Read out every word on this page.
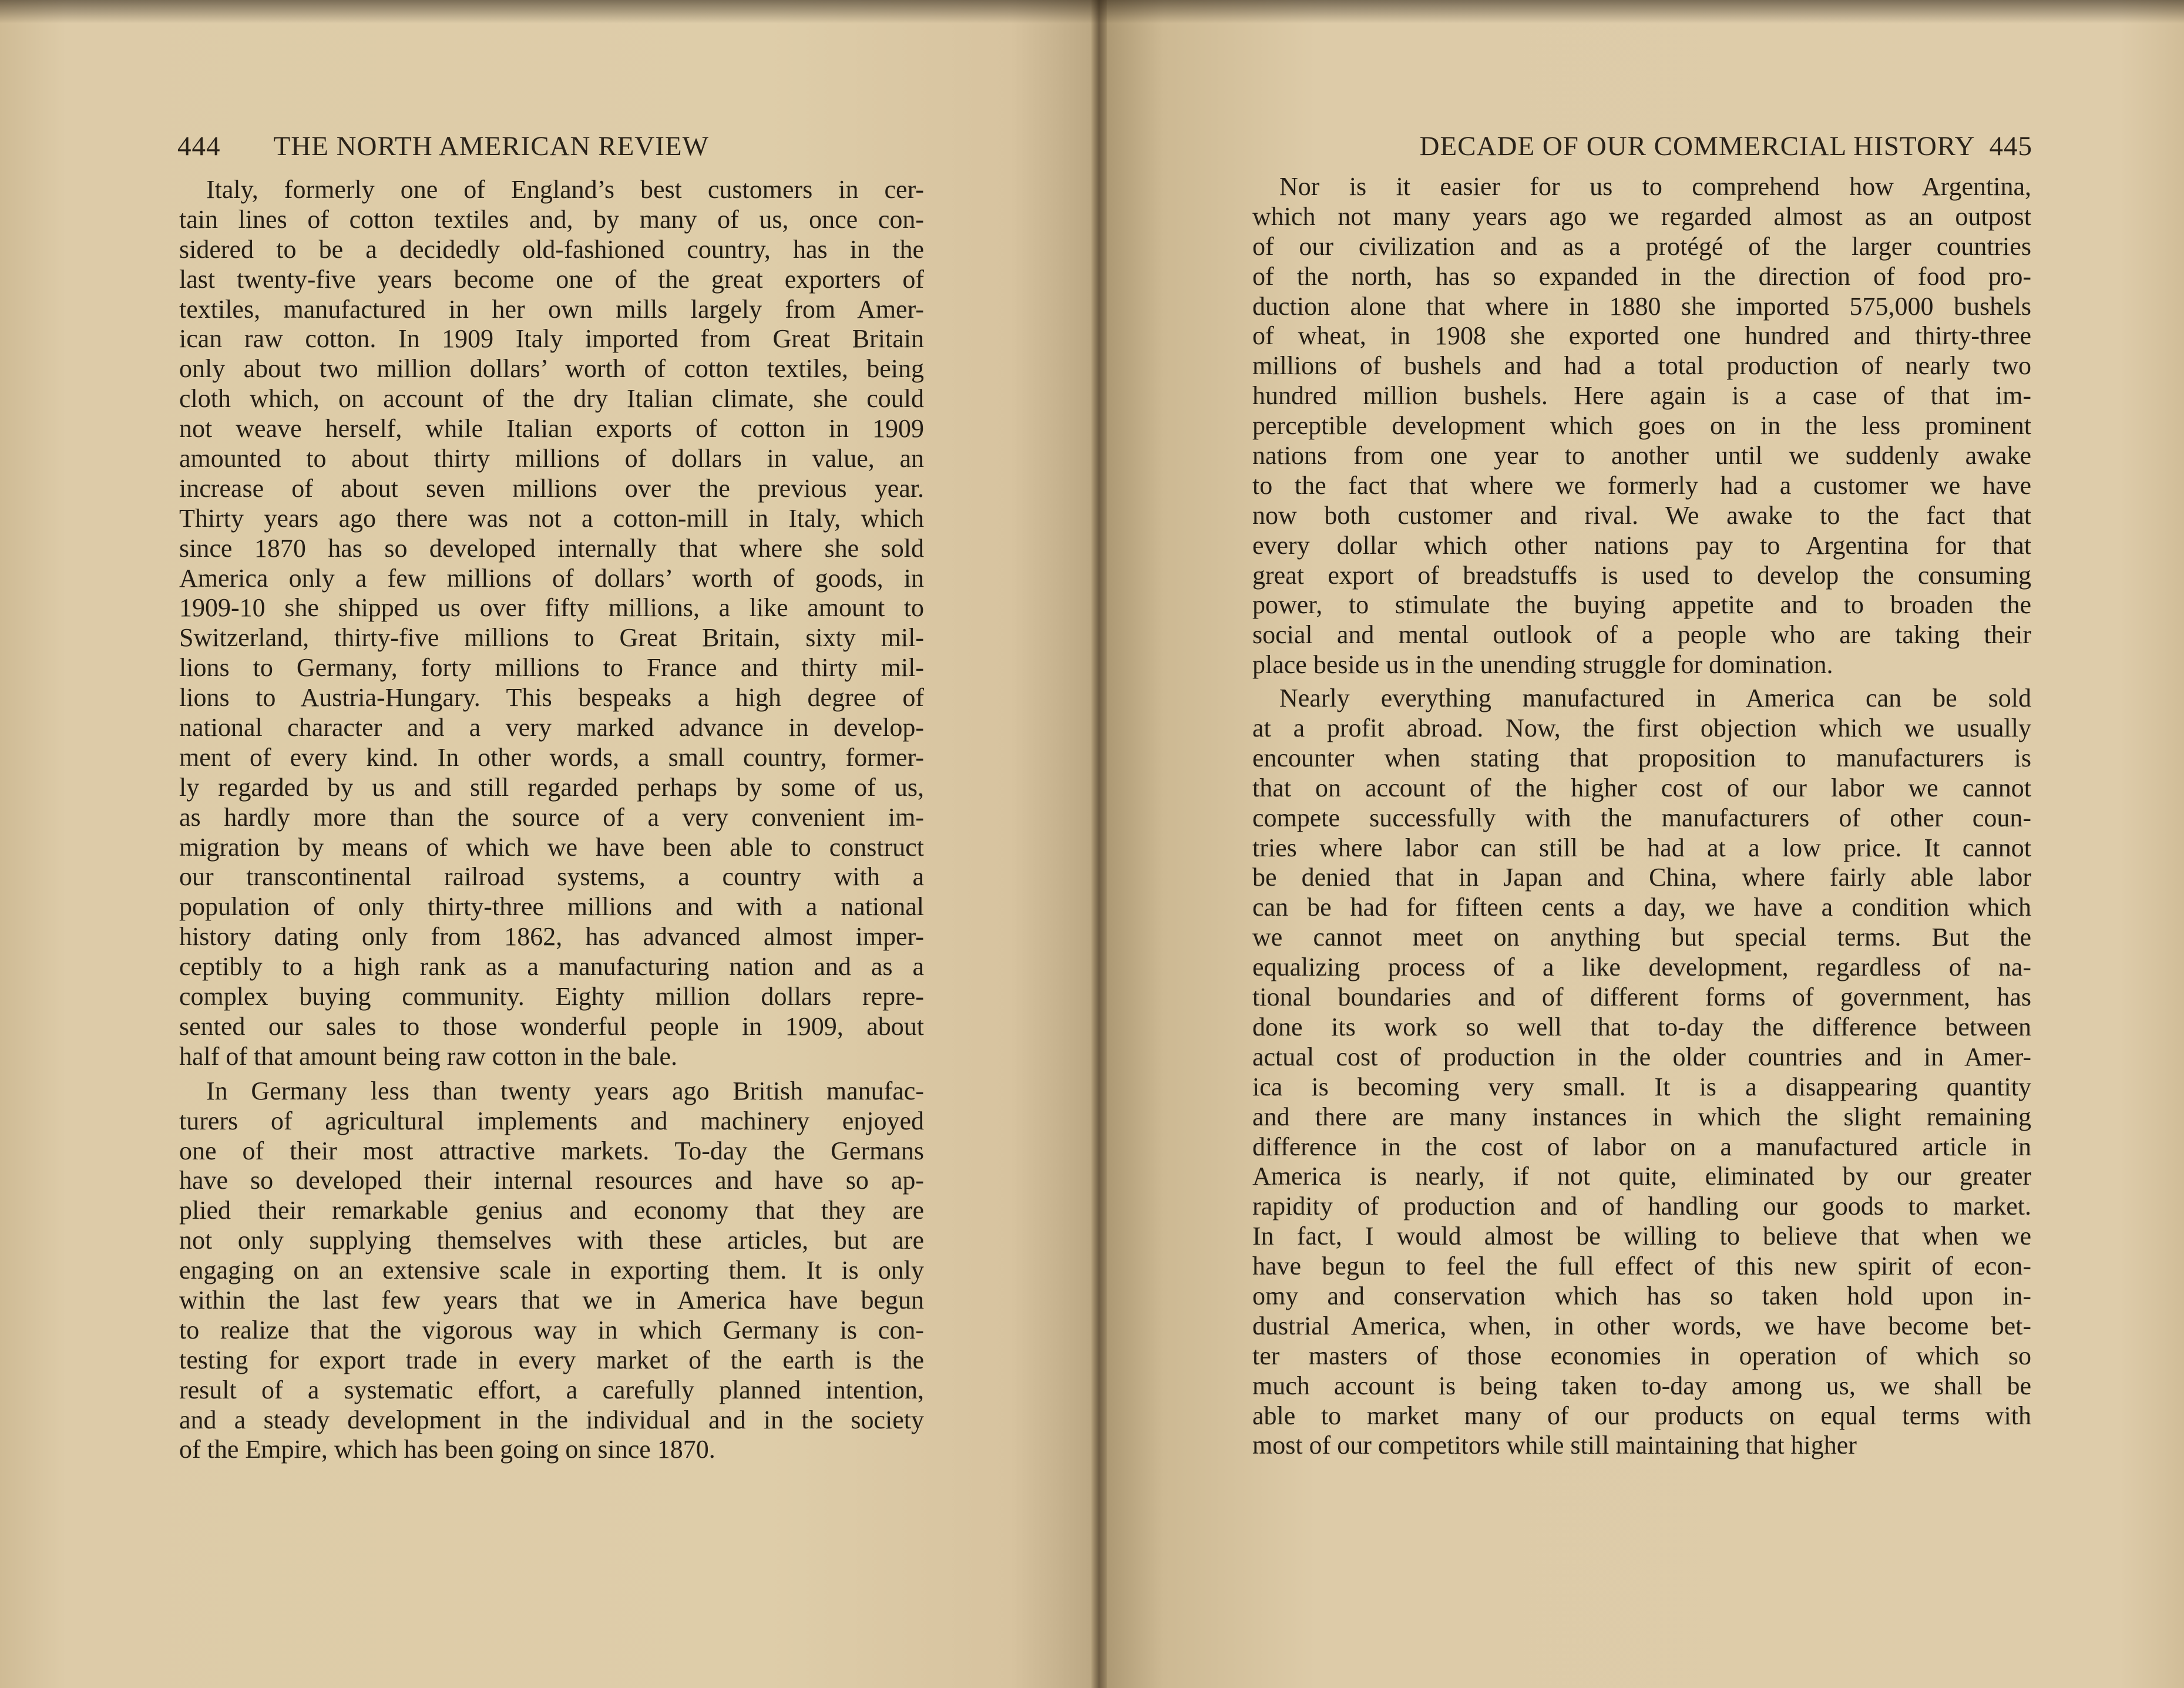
444 THE NORTH AMERICAN REVIEW
Italy, formerly one of England’s best customers in cer-
tain lines of cotton textiles and, by many of us, once con-
sidered to be a decidedly old-fashioned country, has in the
last twenty-five years become one of the great exporters of
textiles, manufactured in her own mills largely from Amer-
ican raw cotton. In 1909 Italy imported from Great Britain
only about two million dollars’ worth of cotton textiles, being
cloth which, on account of the dry Italian climate, she could
not weave herself, while Italian exports of cotton in 1909
amounted to about thirty millions of dollars in value, an
increase of about seven millions over the previous year.
Thirty years ago there was not a cotton-mill in Italy, which
since 1870 has so developed internally that where she sold
America only a few millions of dollars’ worth of goods, in
1909-10 she shipped us over fifty millions, a like amount to
Switzerland, thirty-five millions to Great Britain, sixty mil-
lions to Germany, forty millions to France and thirty mil-
lions to Austria-Hungary. This bespeaks a high degree of
national character and a very marked advance in develop-
ment of every kind. In other words, a small country, former-
ly regarded by us and still regarded perhaps by some of us,
as hardly more than the source of a very convenient im-
migration by means of which we have been able to construct
our transcontinental railroad systems, a country with a
population of only thirty-three millions and with a national
history dating only from 1862, has advanced almost imper-
ceptibly to a high rank as a manufacturing nation and as a
complex buying community. Eighty million dollars repre-
sented our sales to those wonderful people in 1909, about
half of that amount being raw cotton in the bale.
In Germany less than twenty years ago British manufac-
turers of agricultural implements and machinery enjoyed
one of their most attractive markets. To-day the Germans
have so developed their internal resources and have so ap-
plied their remarkable genius and economy that they are
not only supplying themselves with these articles, but are
engaging on an extensive scale in exporting them. It is only
within the last few years that we in America have begun
to realize that the vigorous way in which Germany is con-
testing for export trade in every market of the earth is the
result of a systematic effort, a carefully planned intention,
and a steady development in the individual and in the society
of the Empire, which has been going on since 1870.
DECADE OF OUR COMMERCIAL HISTORY 445
Nor is it easier for us to comprehend how Argentina,
which not many years ago we regarded almost as an outpost
of our civilization and as a protégé of the larger countries
of the north, has so expanded in the direction of food pro-
duction alone that where in 1880 she imported 575,000 bushels
of wheat, in 1908 she exported one hundred and thirty-three
millions of bushels and had a total production of nearly two
hundred million bushels. Here again is a case of that im-
perceptible development which goes on in the less prominent
nations from one year to another until we suddenly awake
to the fact that where we formerly had a customer we have
now both customer and rival. We awake to the fact that
every dollar which other nations pay to Argentina for that
great export of breadstuffs is used to develop the consuming
power, to stimulate the buying appetite and to broaden the
social and mental outlook of a people who are taking their
place beside us in the unending struggle for domination.
Nearly everything manufactured in America can be sold
at a profit abroad. Now, the first objection which we usually
encounter when stating that proposition to manufacturers is
that on account of the higher cost of our labor we cannot
compete successfully with the manufacturers of other coun-
tries where labor can still be had at a low price. It cannot
be denied that in Japan and China, where fairly able labor
can be had for fifteen cents a day, we have a condition which
we cannot meet on anything but special terms. But the
equalizing process of a like development, regardless of na-
tional boundaries and of different forms of government, has
done its work so well that to-day the difference between
actual cost of production in the older countries and in Amer-
ica is becoming very small. It is a disappearing quantity
and there are many instances in which the slight remaining
difference in the cost of labor on a manufactured article in
America is nearly, if not quite, eliminated by our greater
rapidity of production and of handling our goods to market.
In fact, I would almost be willing to believe that when we
have begun to feel the full effect of this new spirit of econ-
omy and conservation which has so taken hold upon in-
dustrial America, when, in other words, we have become bet-
ter masters of those economies in operation of which so
much account is being taken to-day among us, we shall be
able to market many of our products on equal terms with
most of our competitors while still maintaining that higher
